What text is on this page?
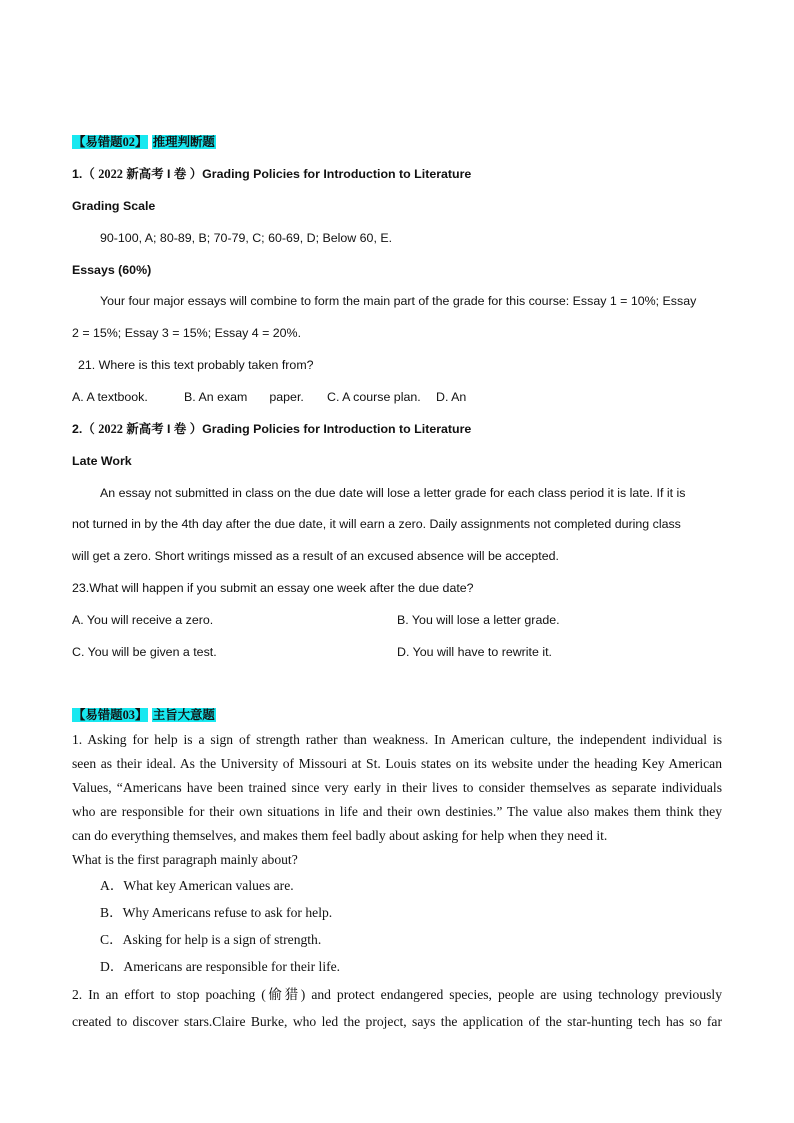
【易错题02】 推理判断题
1.（ 2022 新高考 I 卷 ）Grading Policies for Introduction to Literature
Grading Scale
90-100, A; 80-89, B; 70-79, C; 60-69, D; Below 60, E.
Essays (60%)
Your four major essays will combine to form the main part of the grade for this course: Essay 1 = 10%; Essay
2 = 15%; Essay 3 = 15%; Essay 4 = 20%.
21. Where is this text probably taken from?
A. A textbook.	B. An exam paper. C. A course plan. D. An
2.（ 2022 新高考 I 卷 ）Grading Policies for Introduction to Literature
Late Work
An essay not submitted in class on the due date will lose a letter grade for each class period it is late. If it is
not turned in by the 4th day after the due date, it will earn a zero. Daily assignments not completed during class
will get a zero. Short writings missed as a result of an excused absence will be accepted.
23.What will happen if you submit an essay one week after the due date?
A. You will receive a zero.	B. You will lose a letter grade.
C. You will be given a test.	D. You will have to rewrite it.
【易错题03】 主旨大意题
1. Asking for help is a sign of strength rather than weakness. In American culture, the independent individual is
seen as their ideal. As the University of Missouri at St. Louis states on its website under the heading Key American
Values, “Americans have been trained since very early in their lives to consider themselves as separate individuals
who are responsible for their own situations in life and their own destinies.” The value also makes them think they
can do everything themselves, and makes them feel badly about asking for help when they need it.
What is the first paragraph mainly about?
A．What key American values are.
B．Why Americans refuse to ask for help.
C．Asking for help is a sign of strength.
D．Americans are responsible for their life.
2. In an effort to stop poaching (偷猎) and protect endangered species, people are using technology previously
created to discover stars.Claire Burke, who led the project, says the application of the star-hunting tech has so far
